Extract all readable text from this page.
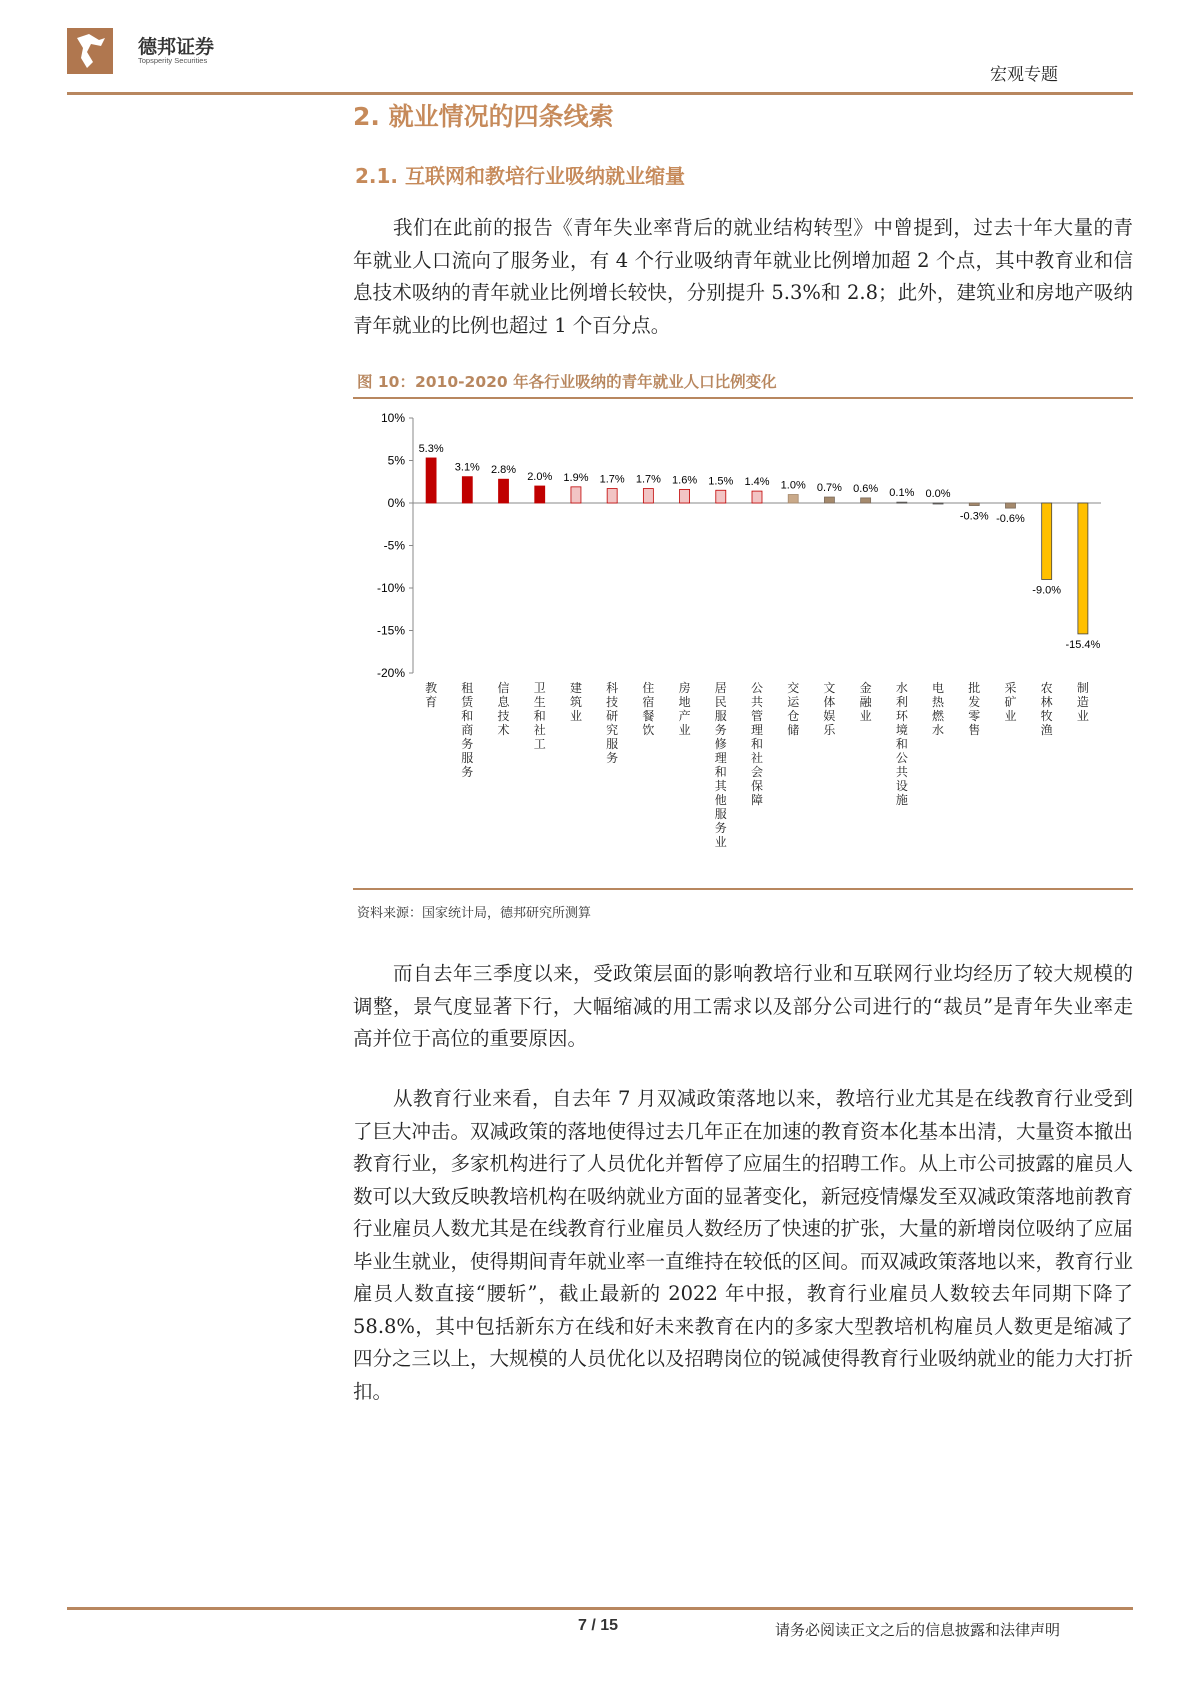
德邦证券
Topsperity Securities
宏观专题
2. 就业情况的四条线索
2.1. 互联网和教培行业吸纳就业缩量
我们在此前的报告《青年失业率背后的就业结构转型》中曾提到，过去十年大量的青年就业人口流向了服务业，有 4 个行业吸纳青年就业比例增加超 2 个点，其中教育业和信息技术吸纳的青年就业比例增长较快，分别提升 5.3%和 2.8；此外，建筑业和房地产吸纳青年就业的比例也超过 1 个百分点。
图 10：2010-2020 年各行业吸纳的青年就业人口比例变化
10%
5%
0%
-5%
-10%
-15%
-20%
5.3%
教育
3.1%
租赁和商务服务
2.8%
信息技术
2.0%
卫生和社工
1.9%
建筑业
1.7%
科技研究服务
1.7%
住宿餐饮
1.6%
房地产业
1.5%
居民服务修理和其他服务业
1.4%
公共管理和社会保障
1.0%
交运仓储
0.7%
文体娱乐
0.6%
金融业
0.1%
水利环境和公共设施
0.0%
电热燃水
-0.3%
批发零售
-0.6%
采矿业
-9.0%
农林牧渔
-15.4%
制造业
资料来源：国家统计局，德邦研究所测算
而自去年三季度以来，受政策层面的影响教培行业和互联网行业均经历了较大规模的调整，景气度显著下行，大幅缩减的用工需求以及部分公司进行的“裁员”是青年失业率走高并位于高位的重要原因。
从教育行业来看，自去年 7 月双减政策落地以来，教培行业尤其是在线教育行业受到了巨大冲击。双减政策的落地使得过去几年正在加速的教育资本化基本出清，大量资本撤出教育行业，多家机构进行了人员优化并暂停了应届生的招聘工作。从上市公司披露的雇员人数可以大致反映教培机构在吸纳就业方面的显著变化，新冠疫情爆发至双减政策落地前教育行业雇员人数尤其是在线教育行业雇员人数经历了快速的扩张，大量的新增岗位吸纳了应届毕业生就业，使得期间青年就业率一直维持在较低的区间。而双减政策落地以来，教育行业雇员人数直接“腰斩”，截止最新的 2022 年中报，教育行业雇员人数较去年同期下降了 58.8%，其中包括新东方在线和好未来教育在内的多家大型教培机构雇员人数更是缩减了四分之三以上，大规模的人员优化以及招聘岗位的锐减使得教育行业吸纳就业的能力大打折扣。
7 / 15	请务必阅读正文之后的信息披露和法律声明
